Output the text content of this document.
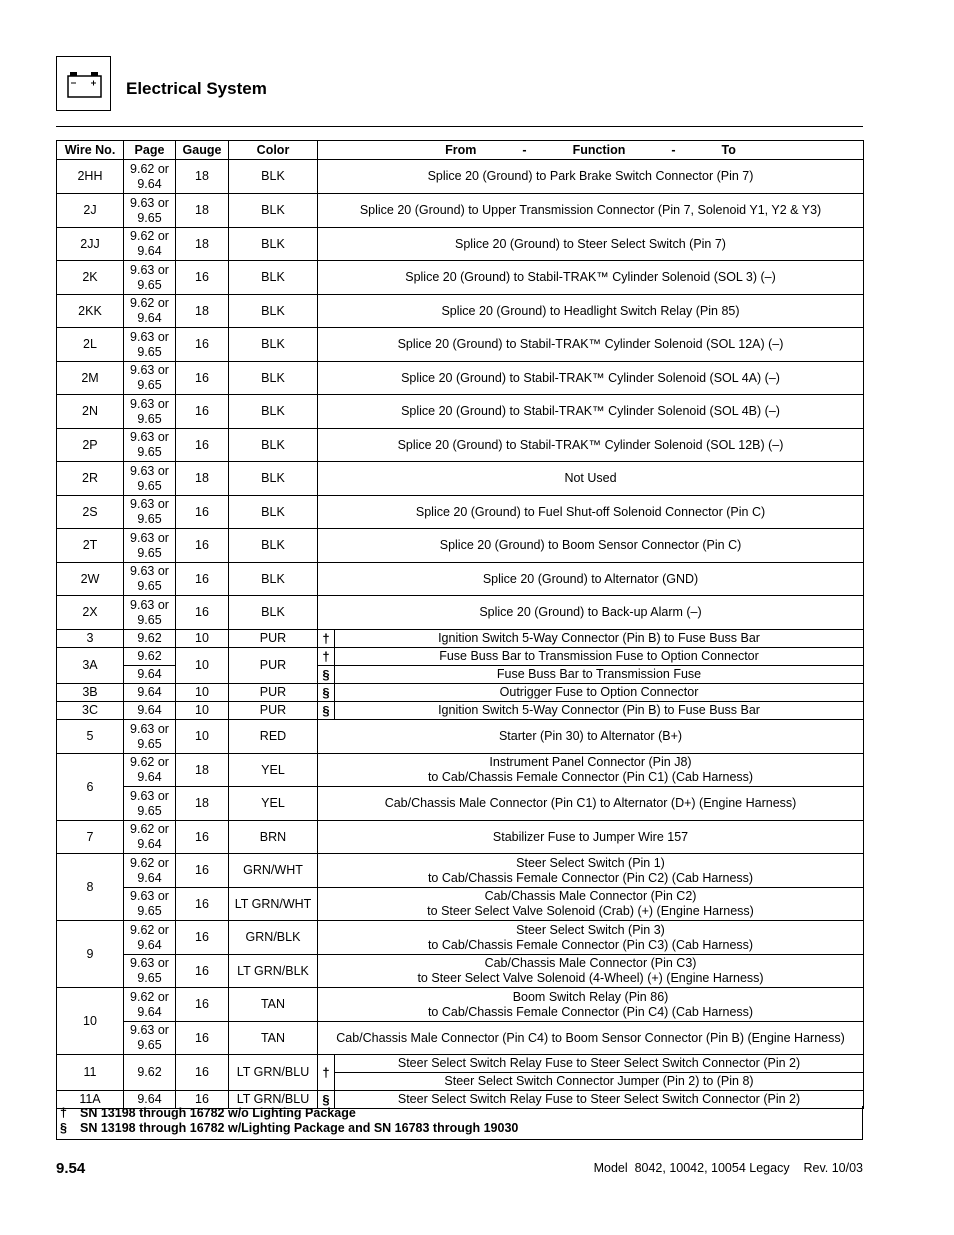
Electrical System
Wire No.	Page	Gauge	Color	From - Function - To	
2HH	9.62 or 9.64	18	BLK	Splice 20 (Ground) to Park Brake Switch Connector (Pin 7)	
2J	9.63 or 9.65	18	BLK	Splice 20 (Ground) to Upper Transmission Connector (Pin 7, Solenoid Y1, Y2 & Y3)	
2JJ	9.62 or 9.64	18	BLK	Splice 20 (Ground) to Steer Select Switch (Pin 7)	
2K	9.63 or 9.65	16	BLK	Splice 20 (Ground) to Stabil-TRAK™ Cylinder Solenoid (SOL 3) (–)	
2KK	9.62 or 9.64	18	BLK	Splice 20 (Ground) to Headlight Switch Relay (Pin 85)	
2L	9.63 or 9.65	16	BLK	Splice 20 (Ground) to Stabil-TRAK™ Cylinder Solenoid (SOL 12A) (–)	
2M	9.63 or 9.65	16	BLK	Splice 20 (Ground) to Stabil-TRAK™ Cylinder Solenoid (SOL 4A) (–)	
2N	9.63 or 9.65	16	BLK	Splice 20 (Ground) to Stabil-TRAK™ Cylinder Solenoid (SOL 4B) (–)	
2P	9.63 or 9.65	16	BLK	Splice 20 (Ground) to Stabil-TRAK™ Cylinder Solenoid (SOL 12B) (–)	
2R	9.63 or 9.65	18	BLK	Not Used	
2S	9.63 or 9.65	16	BLK	Splice 20 (Ground) to Fuel Shut-off Solenoid Connector (Pin C)	
2T	9.63 or 9.65	16	BLK	Splice 20 (Ground) to Boom Sensor Connector (Pin C)	
2W	9.63 or 9.65	16	BLK	Splice 20 (Ground) to Alternator (GND)	
2X	9.63 or 9.65	16	BLK	Splice 20 (Ground) to Back-up Alarm (–)	
3	9.62	10	PUR	†	Ignition Switch 5-Way Connector (Pin B) to Fuse Buss Bar
3A	9.62	10	PUR	†	Fuse Buss Bar to Transmission Fuse to Option Connector
	9.64			§	Fuse Buss Bar to Transmission Fuse
3B	9.64	10	PUR	§	Outrigger Fuse to Option Connector
3C	9.64	10	PUR	§	Ignition Switch 5-Way Connector (Pin B) to Fuse Buss Bar
5	9.63 or 9.65	10	RED	Starter (Pin 30) to Alternator (B+)	
6	9.62 or 9.64	18	YEL	Instrument Panel Connector (Pin J8)
to Cab/Chassis Female Connector (Pin C1) (Cab Harness)	
	9.63 or 9.65	18	YEL	Cab/Chassis Male Connector (Pin C1) to Alternator (D+) (Engine Harness)	
7	9.62 or 9.64	16	BRN	Stabilizer Fuse to Jumper Wire 157	
8	9.62 or 9.64	16	GRN/WHT	Steer Select Switch (Pin 1)
to Cab/Chassis Female Connector (Pin C2) (Cab Harness)	
	9.63 or 9.65	16	LT GRN/WHT	Cab/Chassis Male Connector (Pin C2)
to Steer Select Valve Solenoid (Crab) (+) (Engine Harness)	
9	9.62 or 9.64	16	GRN/BLK	Steer Select Switch (Pin 3)
to Cab/Chassis Female Connector (Pin C3) (Cab Harness)	
	9.63 or 9.65	16	LT GRN/BLK	Cab/Chassis Male Connector (Pin C3)
to Steer Select Valve Solenoid (4-Wheel) (+) (Engine Harness)	
10	9.62 or 9.64	16	TAN	Boom Switch Relay (Pin 86)
to Cab/Chassis Female Connector (Pin C4) (Cab Harness)	
	9.63 or 9.65	16	TAN	Cab/Chassis Male Connector (Pin C4) to Boom Sensor Connector (Pin B) (Engine Harness)	
11	9.62	16	LT GRN/BLU	†	Steer Select Switch Relay Fuse to Steer Select Switch Connector (Pin 2)
					Steer Select Switch Connector Jumper (Pin 2) to (Pin 8)
11A	9.64	16	LT GRN/BLU	§	Steer Select Switch Relay Fuse to Steer Select Switch Connector (Pin 2)
† SN 13198 through 16782 w/o Lighting Package
§ SN 13198 through 16782 w/Lighting Package and SN 16783 through 19030
9.54	Model  8042, 10042, 10054 Legacy    Rev. 10/03
